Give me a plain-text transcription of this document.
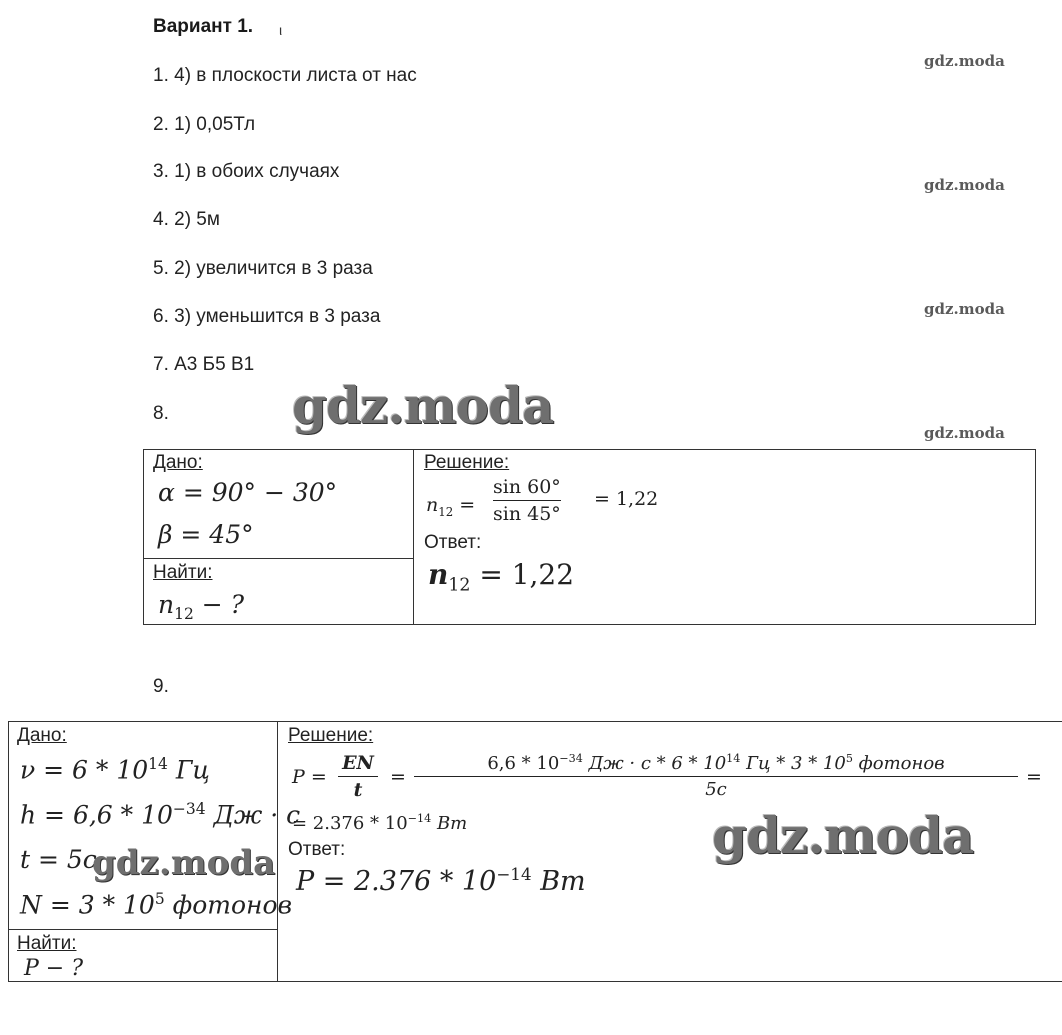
Вариант 1. ι
1. 4) в плоскости листа от нас
2. 1) 0,05Тл
3. 1) в обоих случаях
4. 2) 5м
5. 2) увеличится в 3 раза
6. 3) уменьшится в 3 раза
7. А3 Б5 В1
8.
gdz.moda
gdz.moda
gdz.moda
gdz.moda
gdz.moda
Дано:
α = 90° − 30°
β = 45°
Найти:
$n_{12}$ − ?
Решение:
$n_{12}$ =
sin 60°
sin 45°
= 1,22
Ответ:
$n_{12} = 1,22$
9.
Дано:
$\nu = 6 * 10^{14}$ Гц
$h = 6,6 * 10^{-34}$ Дж · с
t = 5c
$N = 3 * 10^5$ фотонов
gdz.moda
Найти:
P − ?
Решение:
P =
EN
t
=
$6,6 * 10^{-34}$ Дж · с * $6 * 10^{14}$ Гц * $3 * 10^5$ фотонов
5c
=
= $2.376 * 10^{-14}$ Bm	gdz.moda
Ответ:
$P = 2.376 * 10^{-14}$ Bm
